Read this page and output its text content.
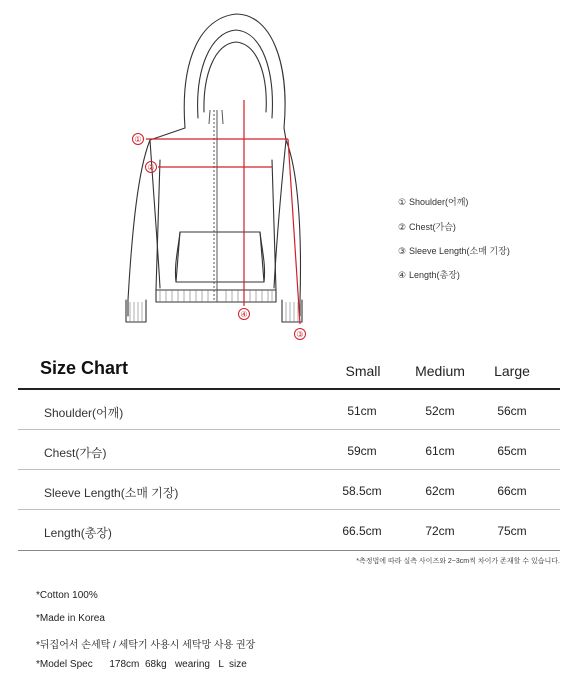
①
②
③
④
① Shoulder(어깨)
② Chest(가슴)
③ Sleeve Length(소매 기장)
④ Length(총장)
Size Chart	Small	Medium	Large
Shoulder(어깨)	51cm	52cm	56cm
Chest(가슴)	59cm	61cm	65cm
Sleeve Length(소매 기장)	58.5cm	62cm	66cm
Length(총장)	66.5cm	72cm	75cm
*측정법에 따라 실측 사이즈와 2~3cm씩 차이가 존재할 수 있습니다.
*Cotton 100%
*Made in Korea
*뒤집어서 손세탁 / 세탁기 사용시 세탁망 사용 권장
*Model Spec      178cm  68kg   wearing   L  size
